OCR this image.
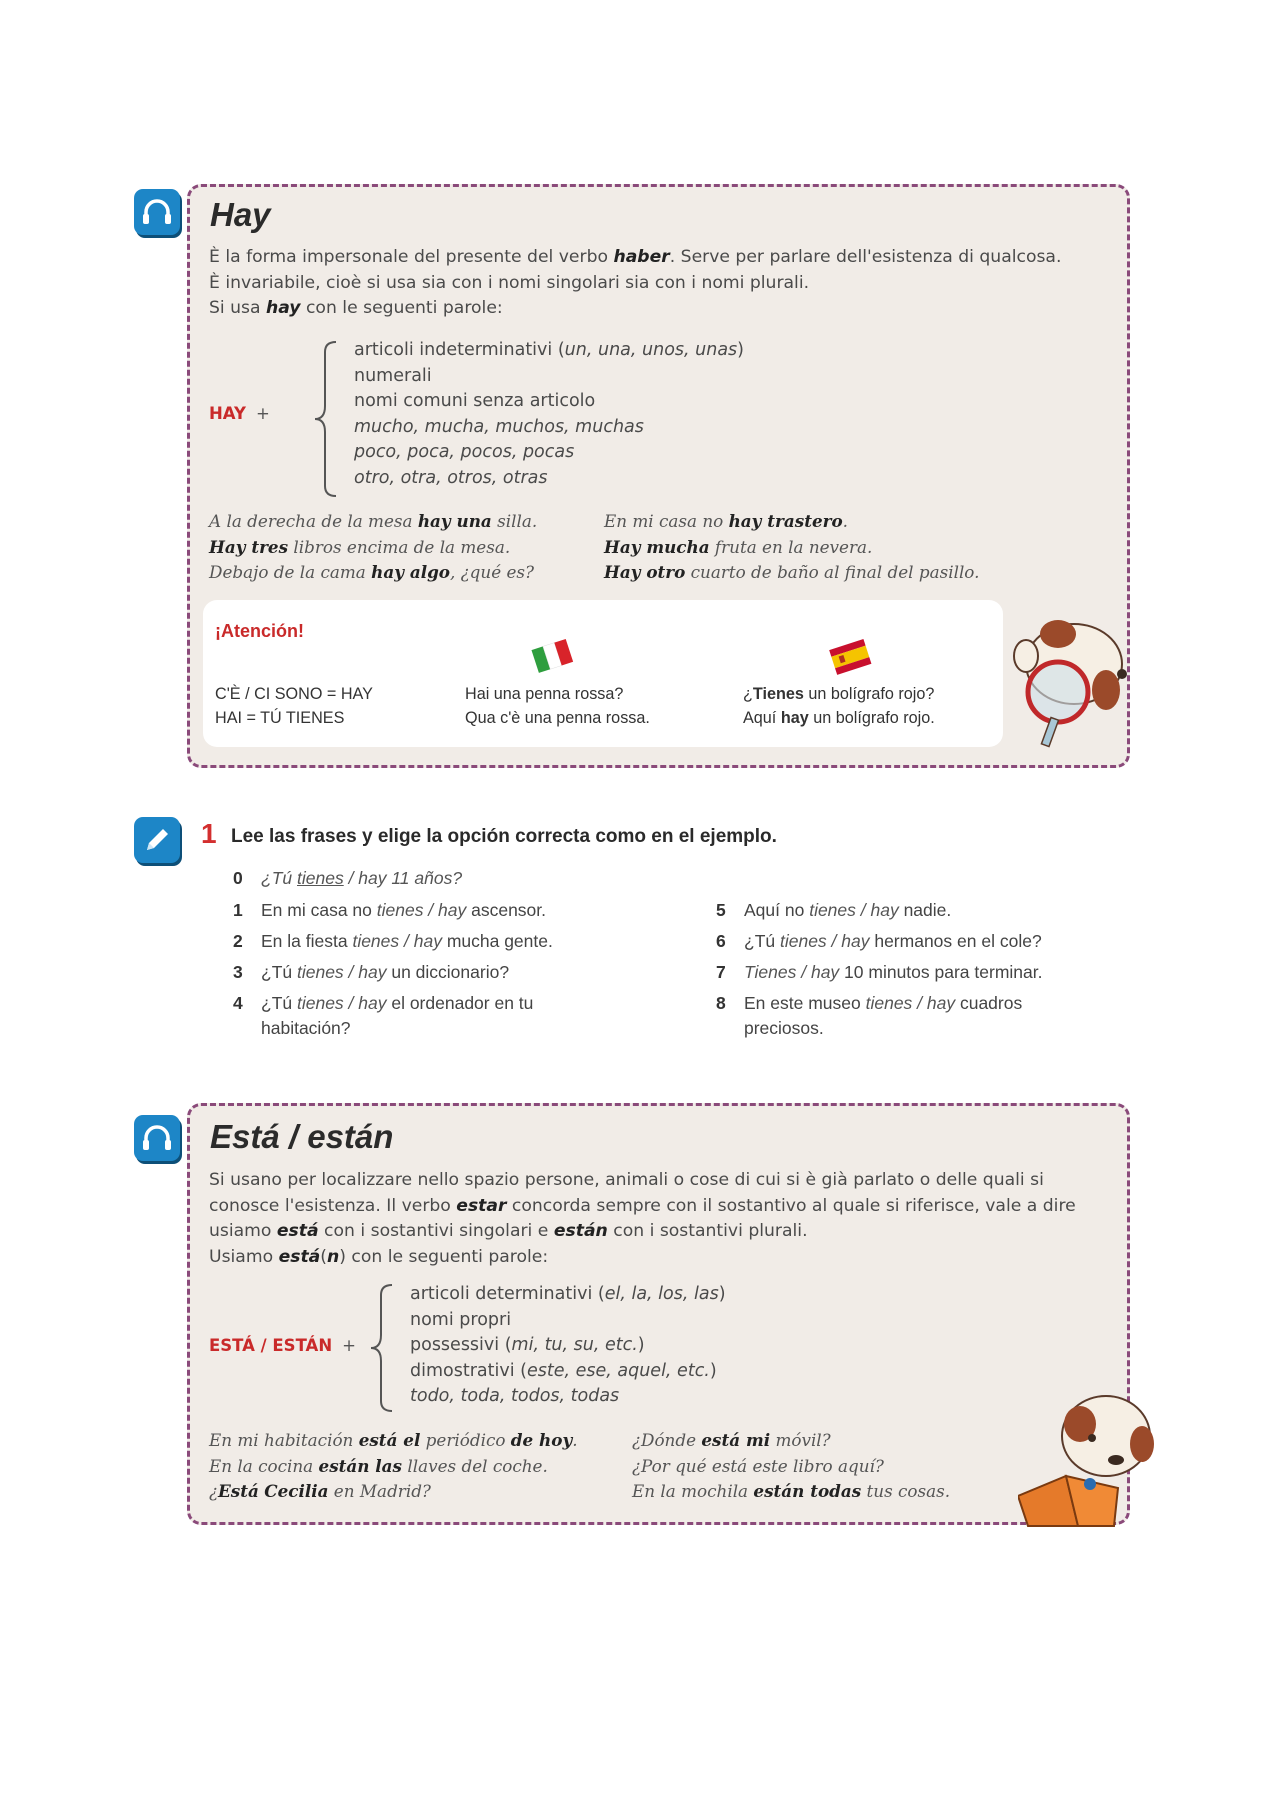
Hay

È la forma impersonale del presente del verbo haber. Serve per parlare dell'esistenza di qualcosa.

È invariabile, cioè si usa sia con i nomi singolari sia con i nomi plurali.

Si usa hay con le seguenti parole:

HAY +
articoli indeterminativi (un, una, unos, unas)
numerali
nomi comuni senza articolo
mucho, mucha, muchos, muchas
poco, poca, pocos, pocas
otro, otra, otros, otras
A la derecha de la mesa hay una silla.
Hay tres libros encima de la mesa.
Debajo de la cama hay algo, ¿qué es?
En mi casa no hay trastero.
Hay mucha fruta en la nevera.
Hay otro cuarto de baño al final del pasillo.
¡Atención!
C'È / CI SONO = HAY
HAI = TÚ TIENES
Hai una penna rossa?
Qua c'è una penna rossa.
¿Tienes un bolígrafo rojo?
Aquí hay un bolígrafo rojo.
1 Lee las frases y elige la opción correcta como en el ejemplo.
0 ¿Tú tienes / hay 11 años?
1 En mi casa no tienes / hay ascensor.
2 En la fiesta tienes / hay mucha gente.
3 ¿Tú tienes / hay un diccionario?
4 ¿Tú tienes / hay el ordenador en tu
habitación?
5 Aquí no tienes / hay nadie.
6 ¿Tú tienes / hay hermanos en el cole?
7 Tienes / hay 10 minutos para terminar.
8 En este museo tienes / hay cuadros
preciosos.
Está / están

Si usano per localizzare nello spazio persone, animali o cose di cui si è già parlato o delle quali si

conosce l'esistenza. Il verbo estar concorda sempre con il sostantivo al quale si riferisce, vale a dire

usiamo está con i sostantivi singolari e están con i sostantivi plurali.

Usiamo está(n) con le seguenti parole:

ESTÁ / ESTÁN +
articoli determinativi (el, la, los, las)
nomi propri
possessivi (mi, tu, su, etc.)
dimostrativi (este, ese, aquel, etc.)
todo, toda, todos, todas
En mi habitación está el periódico de hoy.
En la cocina están las llaves del coche.
¿Está Cecilia en Madrid?
¿Dónde está mi móvil?
¿Por qué está este libro aquí?
En la mochila están todas tus cosas.
